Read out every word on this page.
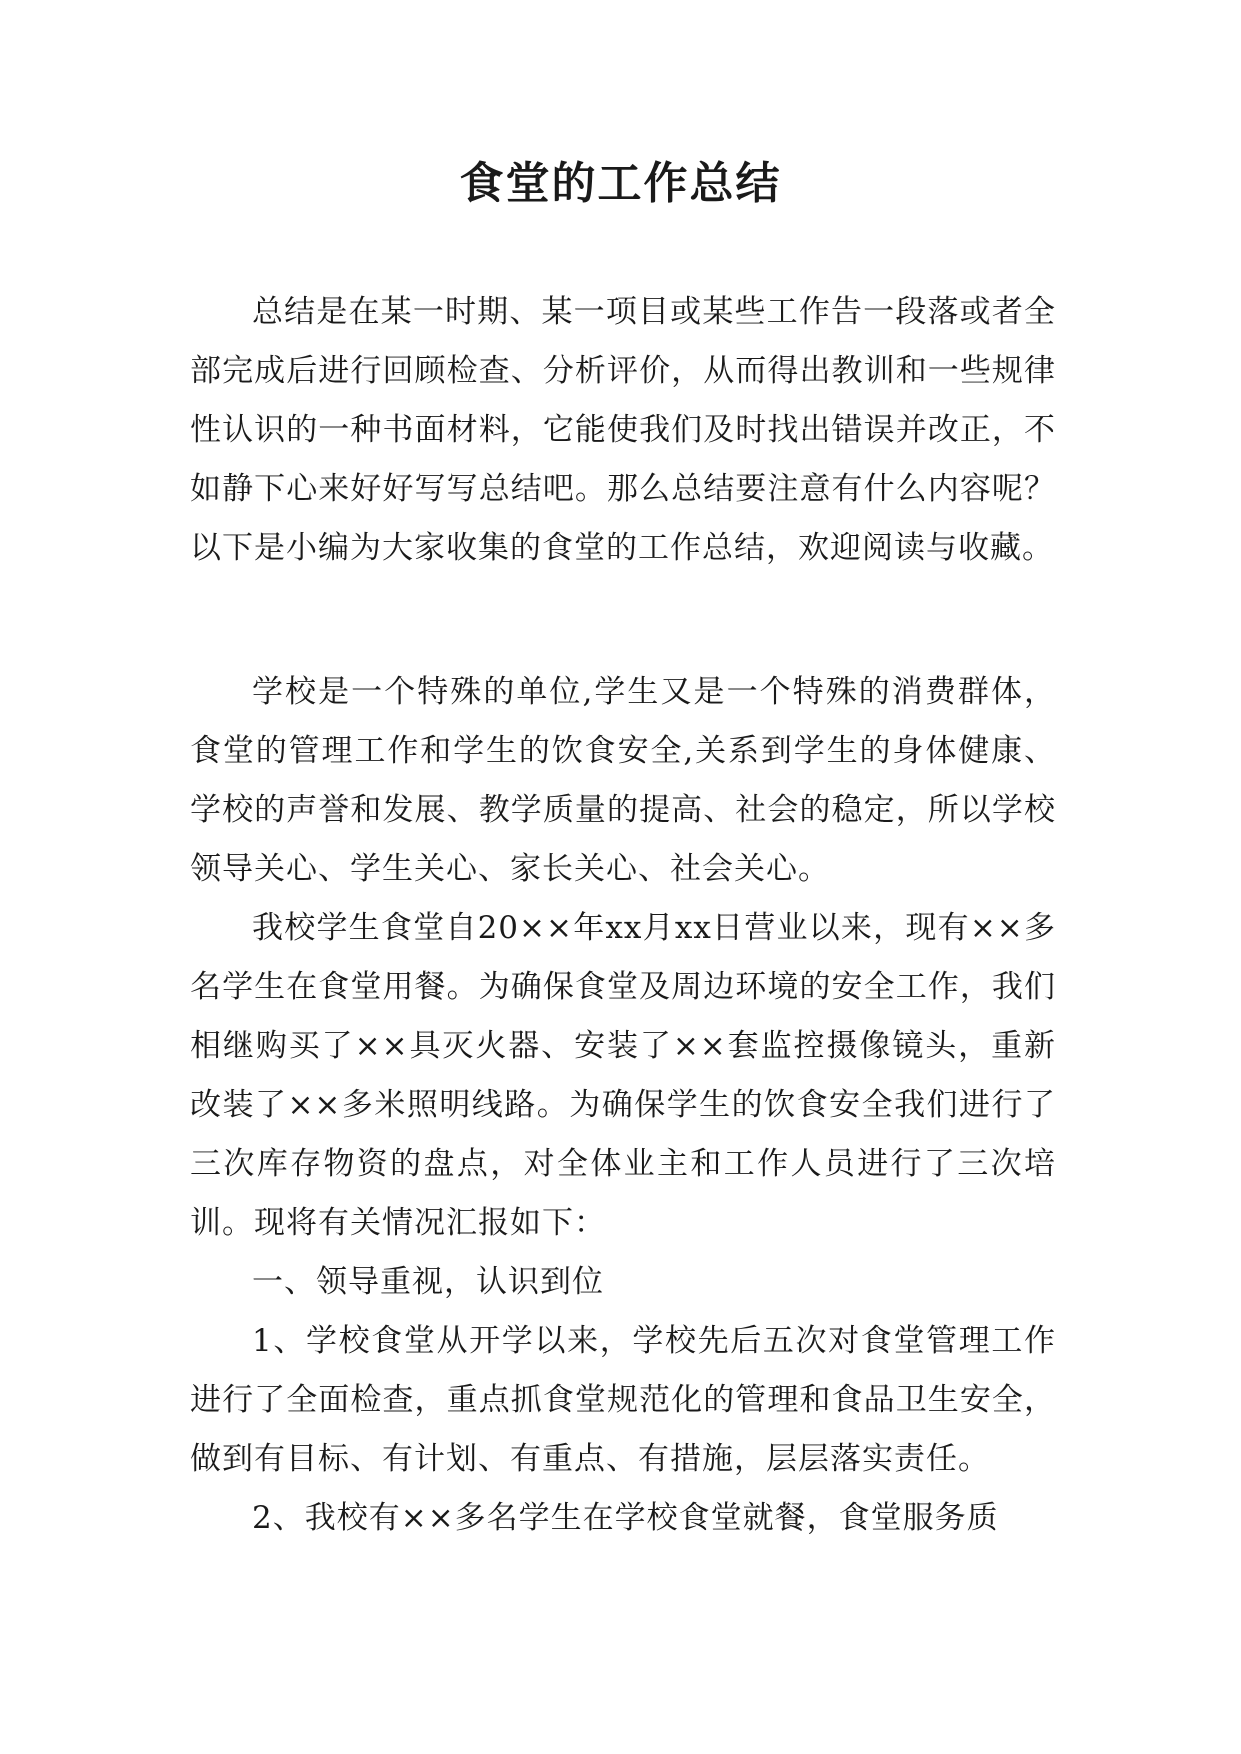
食堂的工作总结

总结是在某一时期、某一项目或某些工作告一段落或者全部完成后进行回顾检查、分析评价，从而得出教训和一些规律性认识的一种书面材料，它能使我们及时找出错误并改正，不如静下心来好好写写总结吧。那么总结要注意有什么内容呢？以下是小编为大家收集的食堂的工作总结，欢迎阅读与收藏。

学校是一个特殊的单位,学生又是一个特殊的消费群体，食堂的管理工作和学生的饮食安全,关系到学生的身体健康、学校的声誉和发展、教学质量的提高、社会的稳定，所以学校领导关心、学生关心、家长关心、社会关心。

我校学生食堂自20××年xx月xx日营业以来，现有××多名学生在食堂用餐。为确保食堂及周边环境的安全工作，我们相继购买了××具灭火器、安装了××套监控摄像镜头，重新改装了××多米照明线路。为确保学生的饮食安全我们进行了三次库存物资的盘点，对全体业主和工作人员进行了三次培训。现将有关情况汇报如下：

一、领导重视，认识到位

1、学校食堂从开学以来，学校先后五次对食堂管理工作进行了全面检查，重点抓食堂规范化的管理和食品卫生安全，做到有目标、有计划、有重点、有措施，层层落实责任。

2、我校有××多名学生在学校食堂就餐，食堂服务质
